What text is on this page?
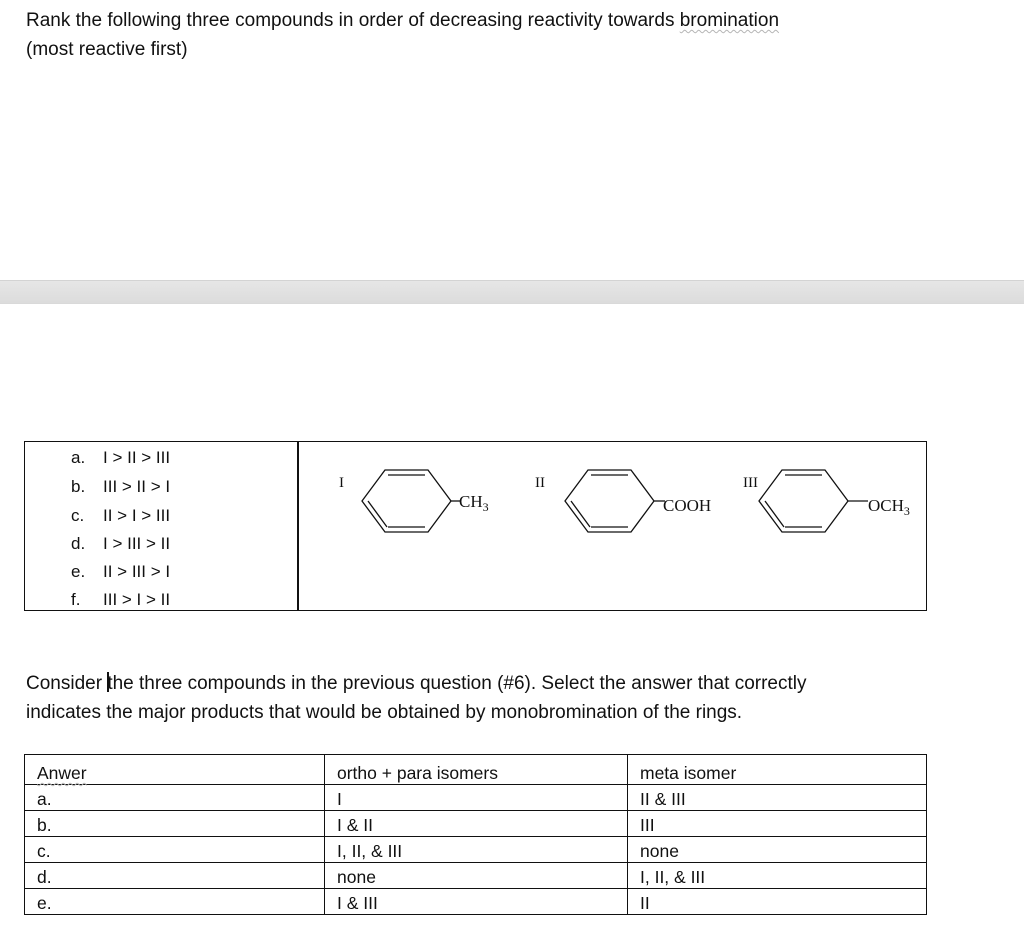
Rank the following three compounds in order of decreasing reactivity towards bromination
(most reactive first)
a. I > II > III
b. III > II > I
c. II > I > III
d. I > III > II
e. II > III > I
f. III > I > II
I
$CH_3$
II
COOH
III
$OCH_3$
Consider the three compounds in the previous question (#6). Select the answer that correctly
indicates the major products that would be obtained by monobromination of the rings.
Anwer	ortho + para isomers	meta isomer
a.	I	II & III
b.	I & II	III
c.	I, II, & III	none
d.	none	I, II, & III
e.	I & III	II
